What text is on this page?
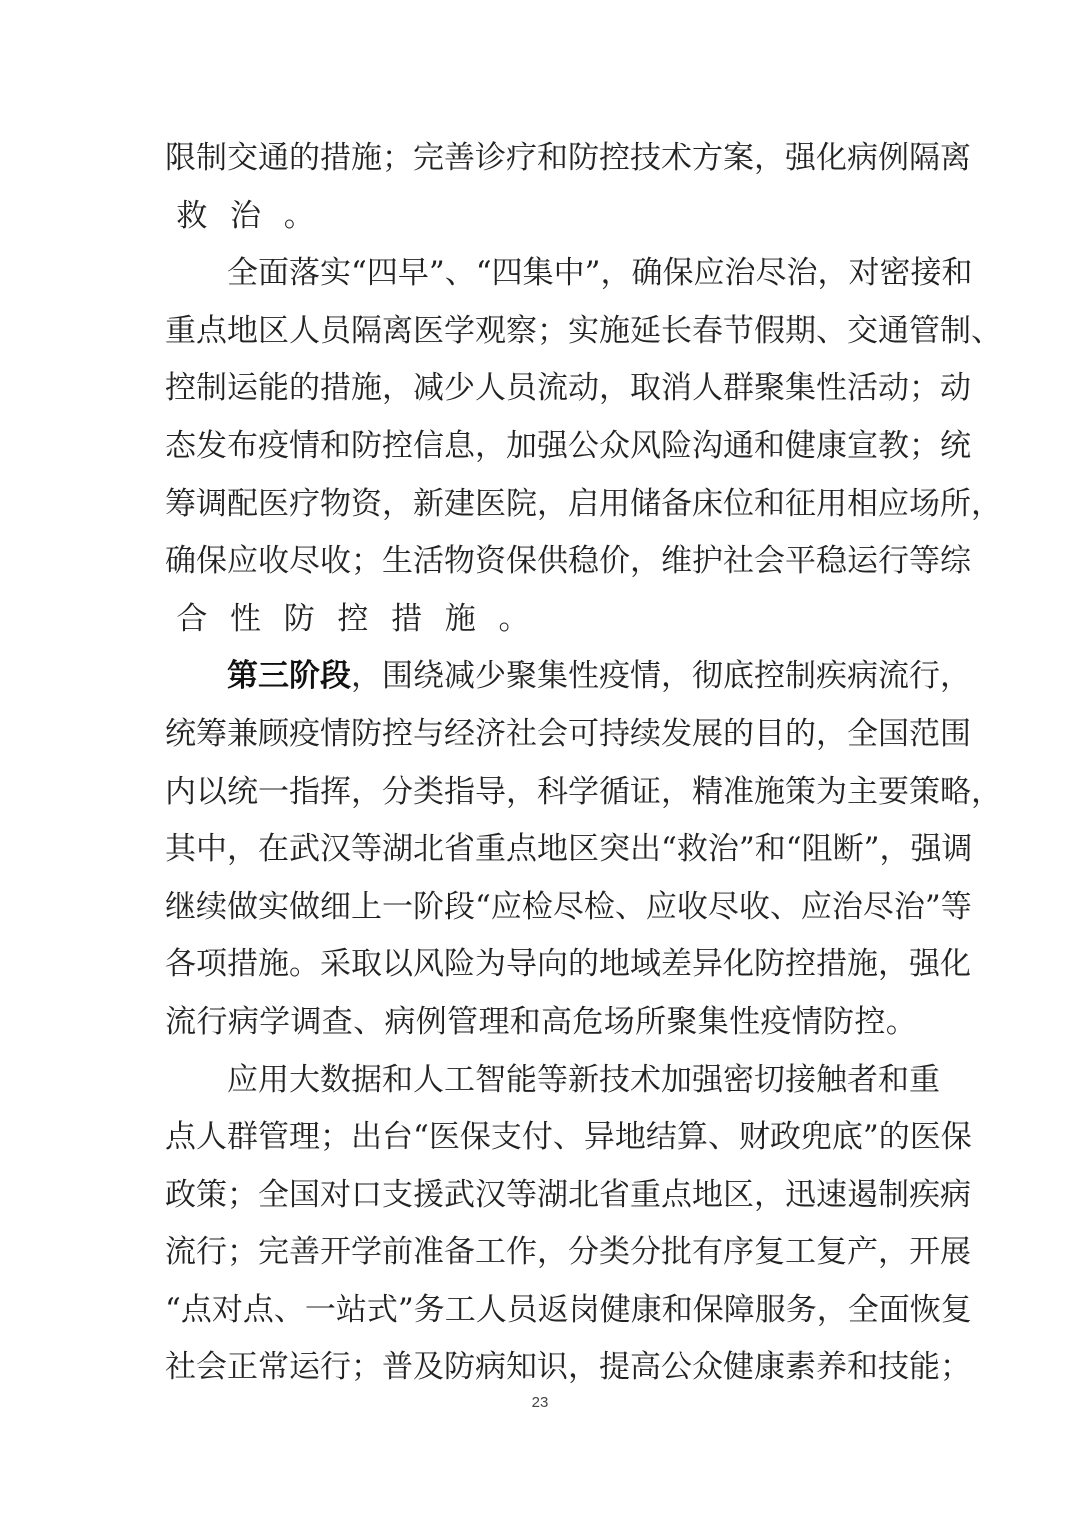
限 制 交 通 的 措 施 ； 完 善 诊 疗 和 防 控 技 术 方 案 ， 强 化 病 例 隔 离
救 治 。

全 面 落 实 “ 四 早 ” 、 “ 四 集 中 ” ， 确 保 应 治 尽 治 ， 对 密 接 和
重 点 地 区 人 员 隔 离 医 学 观 察 ； 实 施 延 长 春 节 假 期 、 交 通 管 制 、
控 制 运 能 的 措 施 ， 减 少 人 员 流 动 ， 取 消 人 群 聚 集 性 活 动 ； 动
态 发 布 疫 情 和 防 控 信 息 ， 加 强 公 众 风 险 沟 通 和 健 康 宣 教 ； 统
筹 调 配 医 疗 物 资 ， 新 建 医 院 ， 启 用 储 备 床 位 和 征 用 相 应 场 所 ，
确 保 应 收 尽 收 ； 生 活 物 资 保 供 稳 价 ， 维 护 社 会 平 稳 运 行 等 综
合 性 防 控 措 施 。

第 三 阶 段 ， 围 绕 减 少 聚 集 性 疫 情 ， 彻 底 控 制 疾 病 流 行 ，
统 筹 兼 顾 疫 情 防 控 与 经 济 社 会 可 持 续 发 展 的 目 的 ， 全 国 范 围
内 以 统 一 指 挥 ， 分 类 指 导 ， 科 学 循 证 ， 精 准 施 策 为 主 要 策 略 ，
其 中 ， 在 武 汉 等 湖 北 省 重 点 地 区 突 出 “ 救 治 ” 和 “ 阻 断 ” ， 强 调
继 续 做 实 做 细 上 一 阶 段 “ 应 检 尽 检 、 应 收 尽 收 、 应 治 尽 治 ” 等
各 项 措 施 。 采 取 以 风 险 为 导 向 的 地 域 差 异 化 防 控 措 施 ， 强 化
流 行 病 学 调 查 、 病 例 管 理 和 高 危 场 所 聚 集 性 疫 情 防 控 。

应 用 大 数 据 和 人 工 智 能 等 新 技 术 加 强 密 切 接 触 者 和 重
点 人 群 管 理 ； 出 台 “ 医 保 支 付 、 异 地 结 算 、 财 政 兜 底 ” 的 医 保
政 策 ； 全 国 对 口 支 援 武 汉 等 湖 北 省 重 点 地 区 ， 迅 速 遏 制 疾 病
流 行 ； 完 善 开 学 前 准 备 工 作 ， 分 类 分 批 有 序 复 工 复 产 ， 开 展
“ 点 对 点 、 一 站 式 ” 务 工 人 员 返 岗 健 康 和 保 障 服 务 ， 全 面 恢 复
社 会 正 常 运 行 ； 普 及 防 病 知 识 ， 提 高 公 众 健 康 素 养 和 技 能 ；
23
